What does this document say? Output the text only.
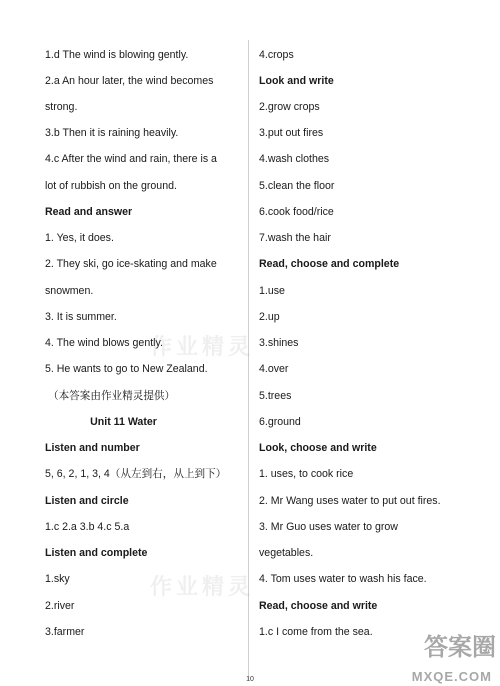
1.d The wind is blowing gently.
2.a An hour later, the wind becomes
strong.
3.b Then it is raining heavily.
4.c After the wind and rain, there is a
lot of rubbish on the ground.
Read and answer
1. Yes, it does.
2. They ski, go ice-skating and make
snowmen.
3. It is summer.
4. The wind blows gently.
5. He wants to go to New Zealand.
（本答案由作业精灵提供）
Unit 11 Water
Listen and number
5, 6, 2, 1, 3, 4（从左到右，从上到下）
Listen and circle
1.c 2.a 3.b 4.c 5.a
Listen and complete
1.sky
2.river
3.farmer
4.crops
Look and write
2.grow crops
3.put out fires
4.wash clothes
5.clean the floor
6.cook food/rice
7.wash the hair
Read, choose and complete
1.use
2.up
3.shines
4.over
5.trees
6.ground
Look, choose and write
1. uses, to cook rice
2. Mr Wang uses water to put out fires.
3. Mr Guo uses water to grow
vegetables.
4. Tom uses water to wash his face.
Read, choose and write
1.c I come from the sea.
作业精灵
作业精灵
答案圈
MXQE.COM
10
